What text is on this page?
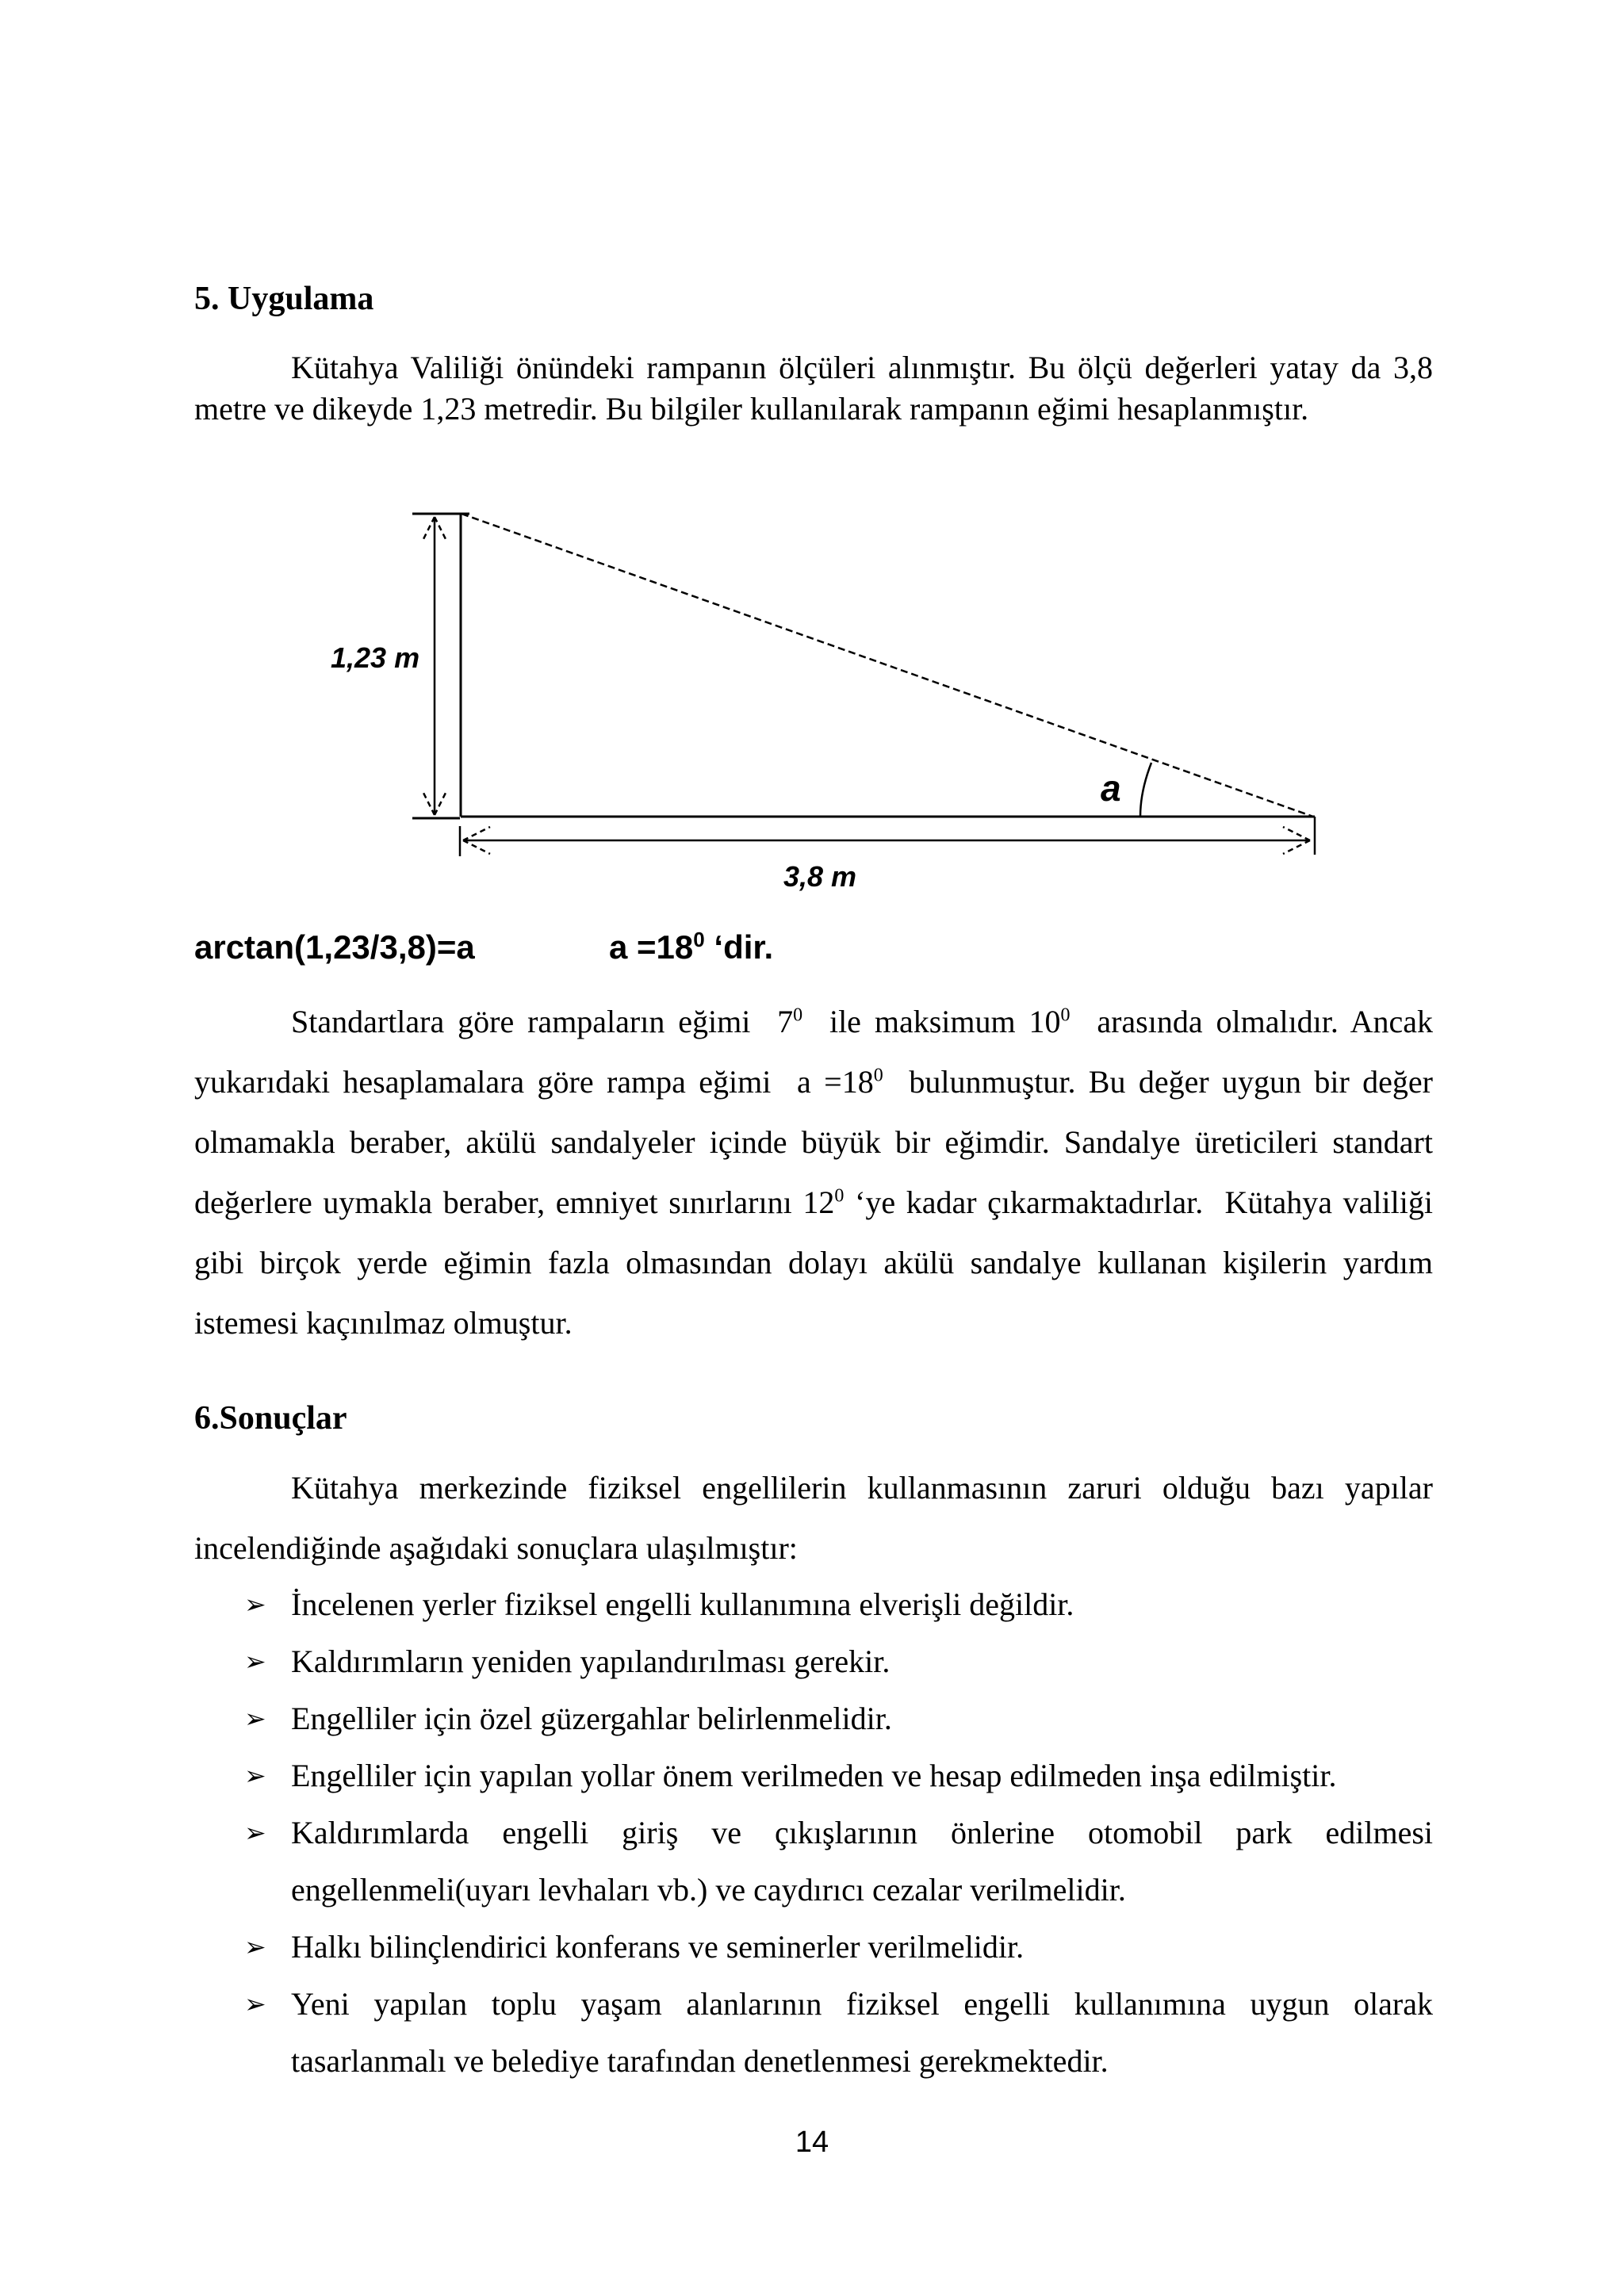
5. Uygulama

Kütahya Valiliği önündeki rampanın ölçüleri alınmıştır. Bu ölçü değerleri yatay da 3,8 metre ve dikeyde 1,23 metredir. Bu bilgiler kullanılarak rampanın eğimi hesaplanmıştır.

1,23 m
3,8 m
a
arctan(1,23/3,8)=a	$a =18^0$ ʻdir.

Standartlara göre rampaların eğimi  $7^0$  ile maksimum $10^0$  arasında olmalıdır. Ancak yukarıdaki hesaplamalara göre rampa eğimi  $a =18^0$  bulunmuştur. Bu değer uygun bir değer olmamakla beraber, akülü sandalyeler içinde büyük bir eğimdir. Sandalye üreticileri standart değerlere uymakla beraber, emniyet sınırlarını $12^0$ ‘ye kadar çıkarmaktadırlar.  Kütahya valiliği gibi birçok yerde eğimin fazla olmasından dolayı akülü sandalye kullanan kişilerin yardım istemesi kaçınılmaz olmuştur.

6.Sonuçlar

Kütahya merkezinde fiziksel engellilerin kullanmasının zaruri olduğu bazı yapılar incelendiğinde aşağıdaki sonuçlara ulaşılmıştır:

➢ İncelenen yerler fiziksel engelli kullanımına elverişli değildir.
➢ Kaldırımların yeniden yapılandırılması gerekir.
➢ Engelliler için özel güzergahlar belirlenmelidir.
➢ Engelliler için yapılan yollar önem verilmeden ve hesap edilmeden inşa edilmiştir.
➢ Kaldırımlarda engelli giriş ve çıkışlarının önlerine otomobil park edilmesi engellenmeli(uyarı levhaları vb.) ve caydırıcı cezalar verilmelidir.
➢ Halkı bilinçlendirici konferans ve seminerler verilmelidir.
➢ Yeni yapılan toplu yaşam alanlarının fiziksel engelli kullanımına uygun olarak tasarlanmalı ve belediye tarafından denetlenmesi gerekmektedir.
14
